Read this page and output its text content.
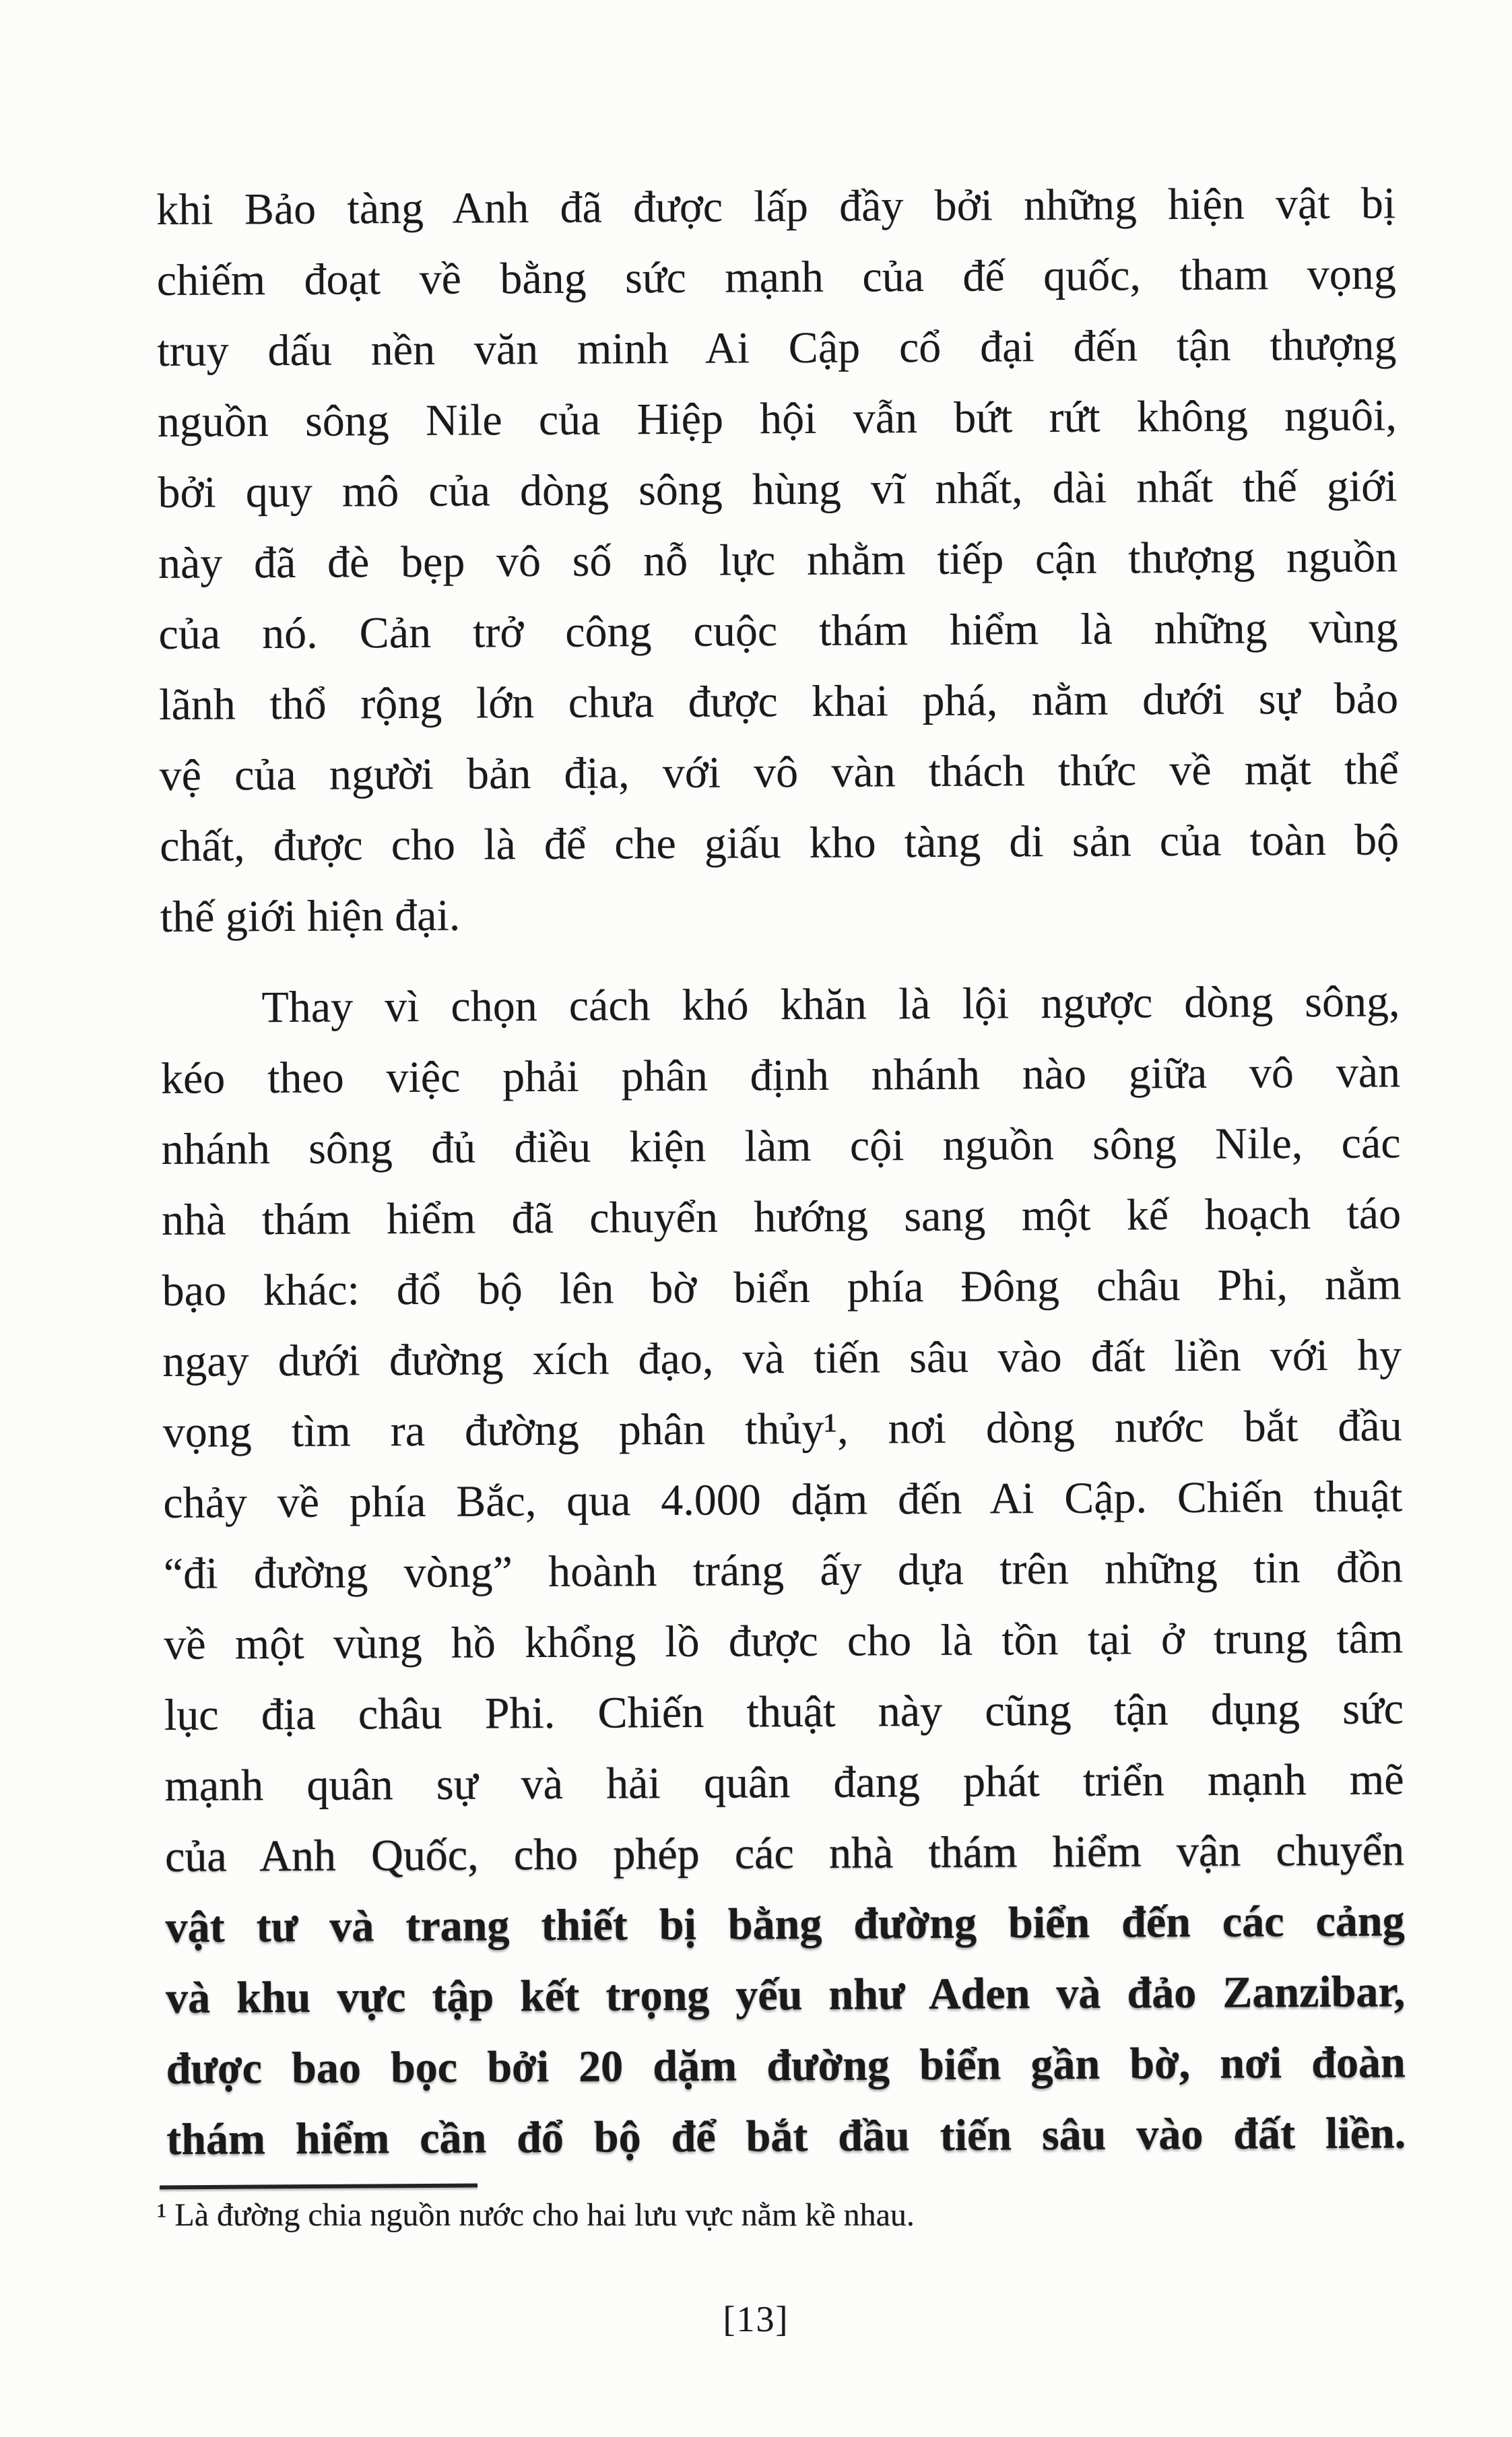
khi Bảo tàng Anh đã được lấp đầy bởi những hiện vật bị
chiếm đoạt về bằng sức mạnh của đế quốc, tham vọng
truy dấu nền văn minh Ai Cập cổ đại đến tận thượng
nguồn sông Nile của Hiệp hội vẫn bứt rứt không nguôi,
bởi quy mô của dòng sông hùng vĩ nhất, dài nhất thế giới
này đã đè bẹp vô số nỗ lực nhằm tiếp cận thượng nguồn
của nó. Cản trở công cuộc thám hiểm là những vùng
lãnh thổ rộng lớn chưa được khai phá, nằm dưới sự bảo
vệ của người bản địa, với vô vàn thách thức về mặt thể
chất, được cho là để che giấu kho tàng di sản của toàn bộ
thế giới hiện đại.
Thay vì chọn cách khó khăn là lội ngược dòng sông,
kéo theo việc phải phân định nhánh nào giữa vô vàn
nhánh sông đủ điều kiện làm cội nguồn sông Nile, các
nhà thám hiểm đã chuyển hướng sang một kế hoạch táo
bạo khác: đổ bộ lên bờ biển phía Đông châu Phi, nằm
ngay dưới đường xích đạo, và tiến sâu vào đất liền với hy
vọng tìm ra đường phân thủy¹, nơi dòng nước bắt đầu
chảy về phía Bắc, qua 4.000 dặm đến Ai Cập. Chiến thuật
“đi đường vòng” hoành tráng ấy dựa trên những tin đồn
về một vùng hồ khổng lồ được cho là tồn tại ở trung tâm
lục địa châu Phi. Chiến thuật này cũng tận dụng sức
mạnh quân sự và hải quân đang phát triển mạnh mẽ
của Anh Quốc, cho phép các nhà thám hiểm vận chuyển
vật tư và trang thiết bị bằng đường biển đến các cảng
và khu vực tập kết trọng yếu như Aden và đảo Zanzibar,
được bao bọc bởi 20 dặm đường biển gần bờ, nơi đoàn
thám hiểm cần đổ bộ để bắt đầu tiến sâu vào đất liền.
¹ Là đường chia nguồn nước cho hai lưu vực nằm kề nhau.
[13]
